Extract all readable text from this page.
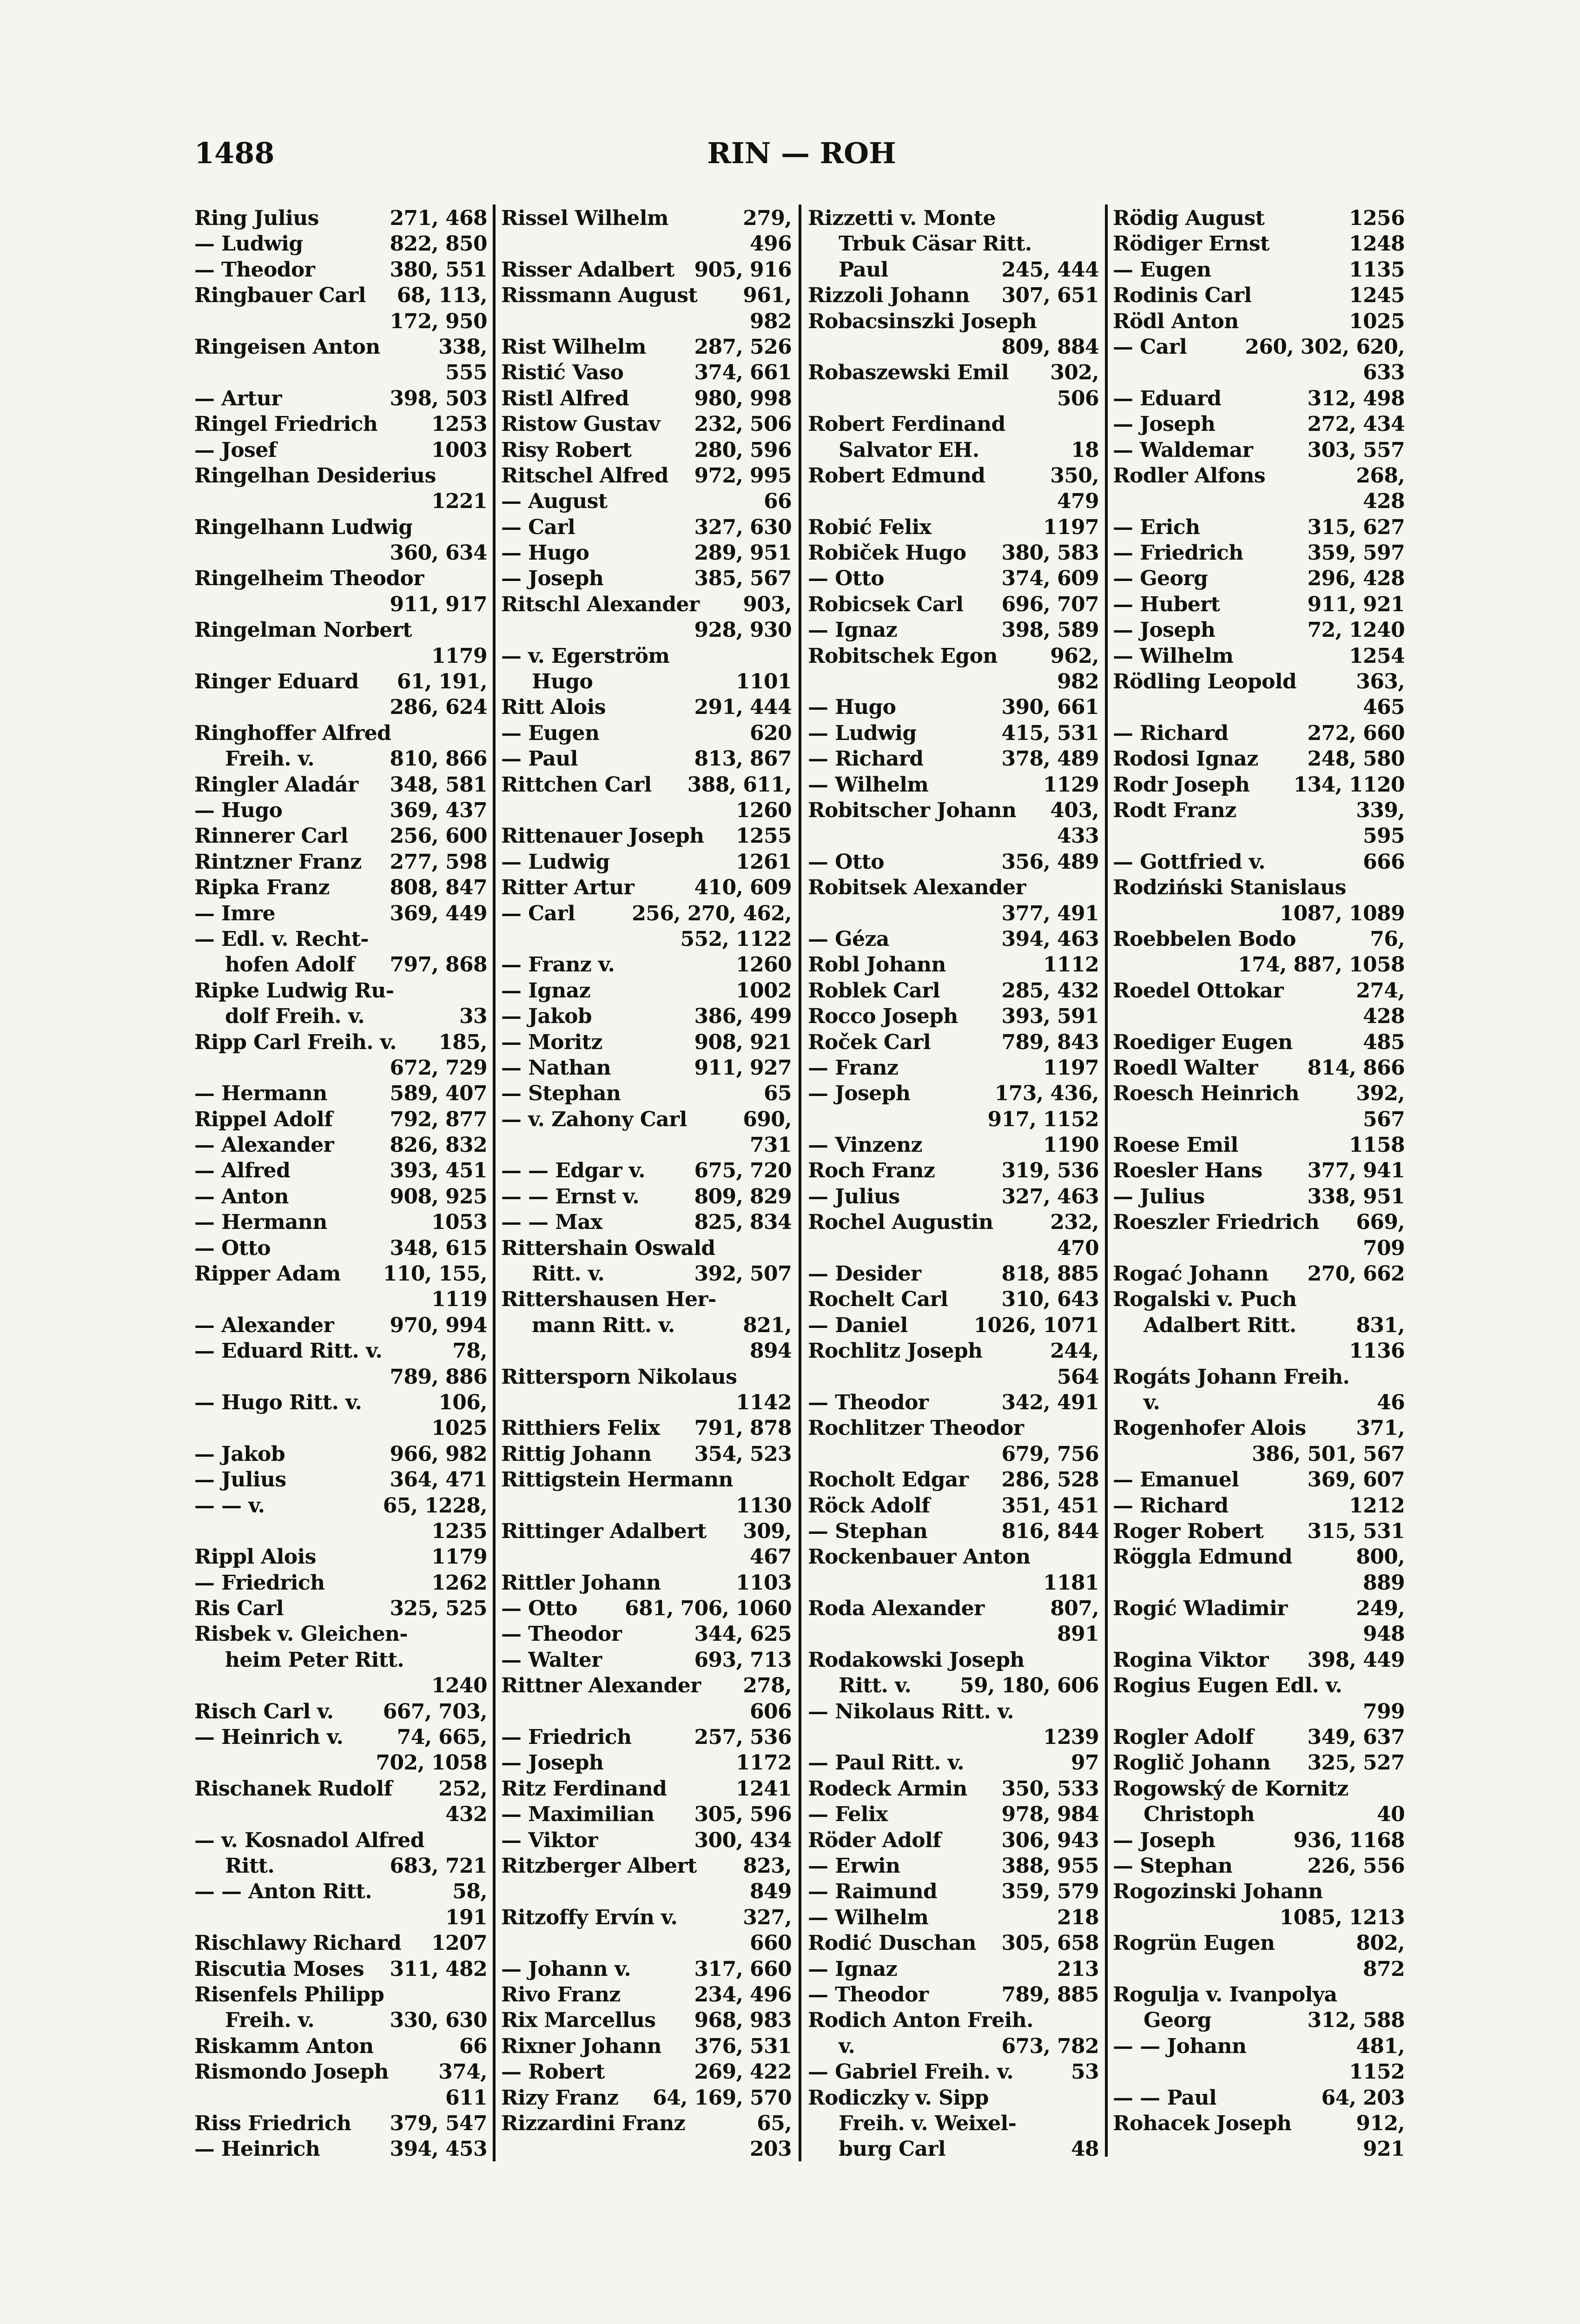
RIN — ROH
1488
Ring Julius	271, 468
— Ludwig	822, 850
— Theodor	380, 551
Ringbauer Carl 68, 113,
172, 950
Ringeisen Anton	338,
555
— Artur	398, 503
Ringel Friedrich	1253
— Josef	1003
Ringelhan Desiderius
1221
Ringelhann Ludwig
360, 634
Ringelheim Theodor
911, 917
Ringelman Norbert
1179
Ringer Eduard 61, 191,
286, 624
Ringhoffer Alfred
Freih. v.	810, 866
Ringler Aladár 348, 581
— Hugo	369, 437
Rinnerer Carl 256, 600
Rintzner Franz 277, 598
Ripka Franz	808, 847
— Imre	369, 449
— Edl. v. Recht-
hofen Adolf 797, 868
Ripke Ludwig Ru-
dolf Freih. v.	33
Ripp Carl Freih. v. 185,
672, 729
— Hermann	589, 407
Rippel Adolf	792, 877
— Alexander	826, 832
— Alfred	393, 451
— Anton	908, 925
— Hermann	1053
— Otto	348, 615
Ripper Adam 110, 155,
1119
— Alexander	970, 994
— Eduard Ritt. v.	78,
789, 886
— Hugo Ritt. v.	106,
1025
— Jakob	966, 982
— Julius	364, 471
— — v.	65, 1228,
1235
Rippl Alois	1179
— Friedrich	1262
Ris Carl	325, 525
Risbek v. Gleichen-
heim Peter Ritt.
1240
Risch Carl v. 667, 703,
— Heinrich v.	74, 665,
702, 1058
Rischanek Rudolf 252,
432
— v. Kosnadol Alfred
Ritt.	683, 721
— — Anton Ritt.	58,
191
Rischlawy Richard 1207
Riscutia Moses 311, 482
Risenfels Philipp
Freih. v.	330, 630
Riskamm Anton	66
Rismondo Joseph 374,
611
Riss Friedrich 379, 547
— Heinrich	394, 453
Rissel Wilhelm	279,
496
Risser Adalbert 905, 916
Rissmann August 961,
982
Rist Wilhelm 287, 526
Ristić Vaso	374, 661
Ristl Alfred	980, 998
Ristow Gustav 232, 506
Risy Robert	280, 596
Ritschel Alfred 972, 995
— August	66
— Carl	327, 630
— Hugo	289, 951
— Joseph	385, 567
Ritschl Alexander 903,
928, 930
— v. Egerström
Hugo	1101
Ritt Alois	291, 444
— Eugen	620
— Paul	813, 867
Rittchen Carl 388, 611,
1260
Rittenauer Joseph 1255
— Ludwig	1261
Ritter Artur	410, 609
— Carl	256, 270, 462,
552, 1122
— Franz v.	1260
— Ignaz	1002
— Jakob	386, 499
— Moritz	908, 921
— Nathan	911, 927
— Stephan	65
— v. Zahony Carl	690,
731
— — Edgar v. 675, 720
— — Ernst v.	809, 829
— — Max	825, 834
Rittershain Oswald
Ritt. v.	392, 507
Rittershausen Her-
mann Ritt. v.	821,
894
Rittersporn Nikolaus
1142
Ritthiers Felix 791, 878
Rittig Johann 354, 523
Rittigstein Hermann
1130
Rittinger Adalbert 309,
467
Rittler Johann	1103
— Otto 681, 706, 1060
— Theodor	344, 625
— Walter	693, 713
Rittner Alexander 278,
606
— Friedrich	257, 536
— Joseph	1172
Ritz Ferdinand	1241
— Maximilian 305, 596
— Viktor	300, 434
Ritzberger Albert 823,
849
Ritzoffy Ervín v.	327,
660
— Johann v.	317, 660
Rivo Franz	234, 496
Rix Marcellus 968, 983
Rixner Johann 376, 531
— Robert	269, 422
Rizy Franz 64, 169, 570
Rizzardini Franz	65,
203
Rizzetti v. Monte
Trbuk Cäsar Ritt.
Paul	245, 444
Rizzoli Johann 307, 651
Robacsinszki Joseph
809, 884
Robaszewski Emil 302,
506
Robert Ferdinand
Salvator EH.	18
Robert Edmund	350,
479
Robić Felix	1197
Robiček Hugo 380, 583
— Otto	374, 609
Robicsek Carl 696, 707
— Ignaz	398, 589
Robitschek Egon	962,
982
— Hugo	390, 661
— Ludwig	415, 531
— Richard	378, 489
— Wilhelm	1129
Robitscher Johann 403,
433
— Otto	356, 489
Robitsek Alexander
377, 491
— Géza	394, 463
Robl Johann	1112
Roblek Carl	285, 432
Rocco Joseph 393, 591
Roček Carl	789, 843
— Franz	1197
— Joseph	173, 436,
917, 1152
— Vinzenz	1190
Roch Franz	319, 536
— Julius	327, 463
Rochel Augustin	232,
470
— Desider	818, 885
Rochelt Carl	310, 643
— Daniel	1026, 1071
Rochlitz Joseph	244,
564
— Theodor	342, 491
Rochlitzer Theodor
679, 756
Rocholt Edgar 286, 528
Röck Adolf	351, 451
— Stephan	816, 844
Rockenbauer Anton
1181
Roda Alexander	807,
891
Rodakowski Joseph
Ritt. v. 59, 180, 606
— Nikolaus Ritt. v.
1239
— Paul Ritt. v.	97
Rodeck Armin 350, 533
— Felix	978, 984
Röder Adolf	306, 943
— Erwin	388, 955
— Raimund	359, 579
— Wilhelm	218
Rodić Duschan 305, 658
— Ignaz	213
— Theodor	789, 885
Rodich Anton Freih.
v.	673, 782
— Gabriel Freih. v.	53
Rodiczky v. Sipp
Freih. v. Weixel-
burg Carl	48
Rödig August	1256
Rödiger Ernst	1248
— Eugen	1135
Rodinis Carl	1245
Rödl Anton	1025
— Carl	260, 302, 620,
633
— Eduard	312, 498
— Joseph	272, 434
— Waldemar	303, 557
Rodler Alfons	268,
428
— Erich	315, 627
— Friedrich	359, 597
— Georg	296, 428
— Hubert	911, 921
— Joseph	72, 1240
— Wilhelm	1254
Rödling Leopold	363,
465
— Richard	272, 660
Rodosi Ignaz 248, 580
Rodr Joseph 134, 1120
Rodt Franz	339,
595
— Gottfried v.	666
Rodziński Stanislaus
1087, 1089
Roebbelen Bodo	76,
174, 887, 1058
Roedel Ottokar	274,
428
Roediger Eugen	485
Roedl Walter 814, 866
Roesch Heinrich	392,
567
Roese Emil	1158
Roesler Hans 377, 941
— Julius	338, 951
Roeszler Friedrich 669,
709
Rogać Johann 270, 662
Rogalski v. Puch
Adalbert Ritt.	831,
1136
Rogáts Johann Freih.
v.	46
Rogenhofer Alois 371,
386, 501, 567
— Emanuel	369, 607
— Richard	1212
Roger Robert 315, 531
Röggla Edmund	800,
889
Rogić Wladimir	249,
948
Rogina Viktor 398, 449
Rogius Eugen Edl. v.
799
Rogler Adolf	349, 637
Roglič Johann 325, 527
Rogowský de Kornitz
Christoph	40
— Joseph	936, 1168
— Stephan	226, 556
Rogozinski Johann
1085, 1213
Rogrün Eugen	802,
872
Rogulja v. Ivanpolya
Georg	312, 588
— — Johann	481,
1152
— — Paul	64, 203
Rohacek Joseph	912,
921
